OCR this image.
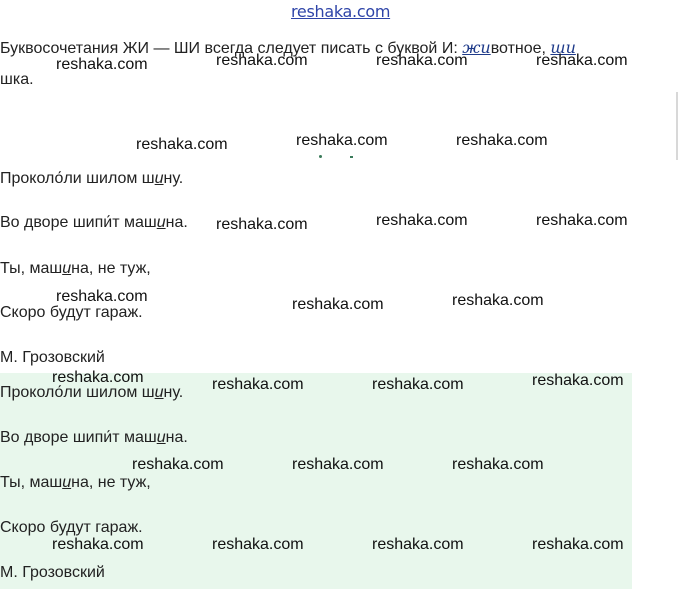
reshaka.com
Буквосочетания ЖИ — ШИ всегда следует писать с буквой И: животное, ши
шка.
Проколо́ли шилом шину.
Во дворе шипит машина.
Ты, машина, не туж,
Скоро будут гараж.
М. Грозовский
Проколо́ли шилом шину.
Во дворе шипит машина.
Ты, машина, не туж,
Скоро будут гараж.
М. Грозовский
reshaka.com	reshaka.com	reshaka.com	reshaka.com
reshaka.com	reshaka.com	reshaka.com
reshaka.com	reshaka.com	reshaka.com
reshaka.com	reshaka.com	reshaka.com
reshaka.com	reshaka.com	reshaka.com	reshaka.com
reshaka.com	reshaka.com	reshaka.com
reshaka.com	reshaka.com	reshaka.com	reshaka.com
